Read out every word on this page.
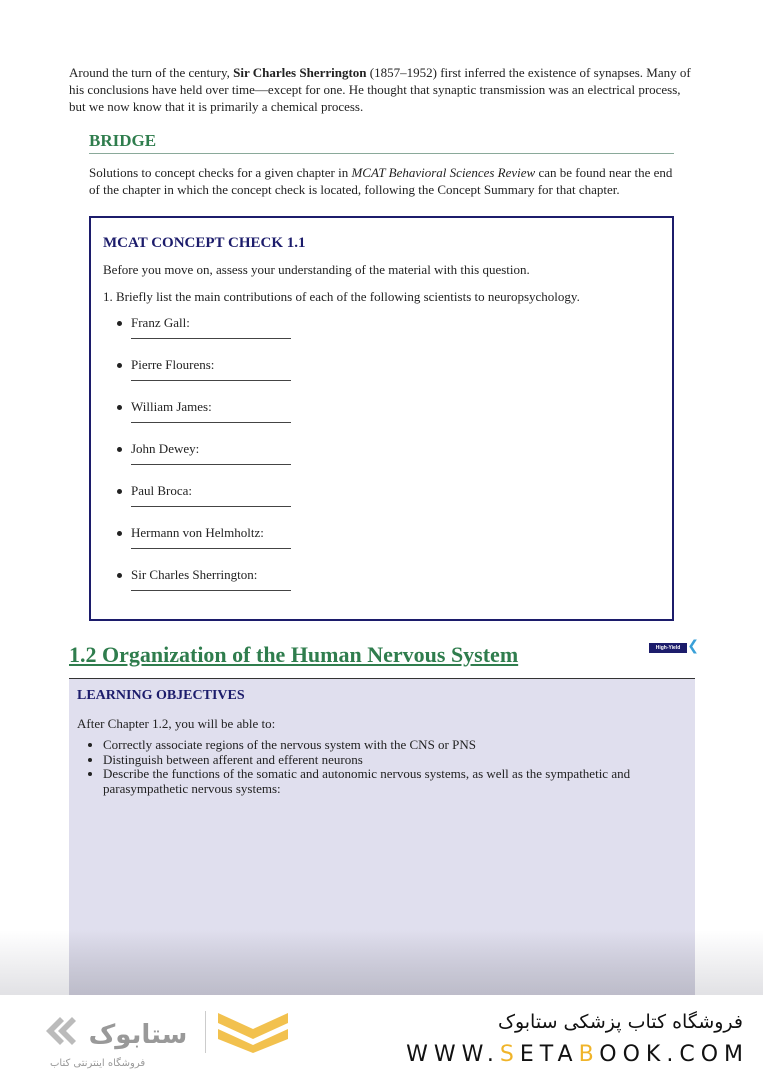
Around the turn of the century, Sir Charles Sherrington (1857–1952) first inferred the existence of synapses. Many of his conclusions have held over time—except for one. He thought that synaptic transmission was an electrical process, but we now know that it is primarily a chemical process.

BRIDGE

Solutions to concept checks for a given chapter in MCAT Behavioral Sciences Review can be found near the end of the chapter in which the concept check is located, following the Concept Summary for that chapter.

MCAT CONCEPT CHECK 1.1
Before you move on, assess your understanding of the material with this question.
1. Briefly list the main contributions of each of the following scientists to neuropsychology.
Franz Gall:
Pierre Flourens:
William James:
John Dewey:
Paul Broca:
Hermann von Helmholtz:
Sir Charles Sherrington:
1.2 Organization of the Human Nervous System	High-Yield ❮
LEARNING OBJECTIVES
After Chapter 1.2, you will be able to:
• Correctly associate regions of the nervous system with the CNS or PNS
• Distinguish between afferent and efferent neurons
• Describe the functions of the somatic and autonomic nervous systems, as well as the sympathetic and parasympathetic nervous systems:
ستابوک
فروشگاه اینترنتی کتاب
فروشگاه کتاب پزشکی ستابوک
WWW.SETABOOK.COM
